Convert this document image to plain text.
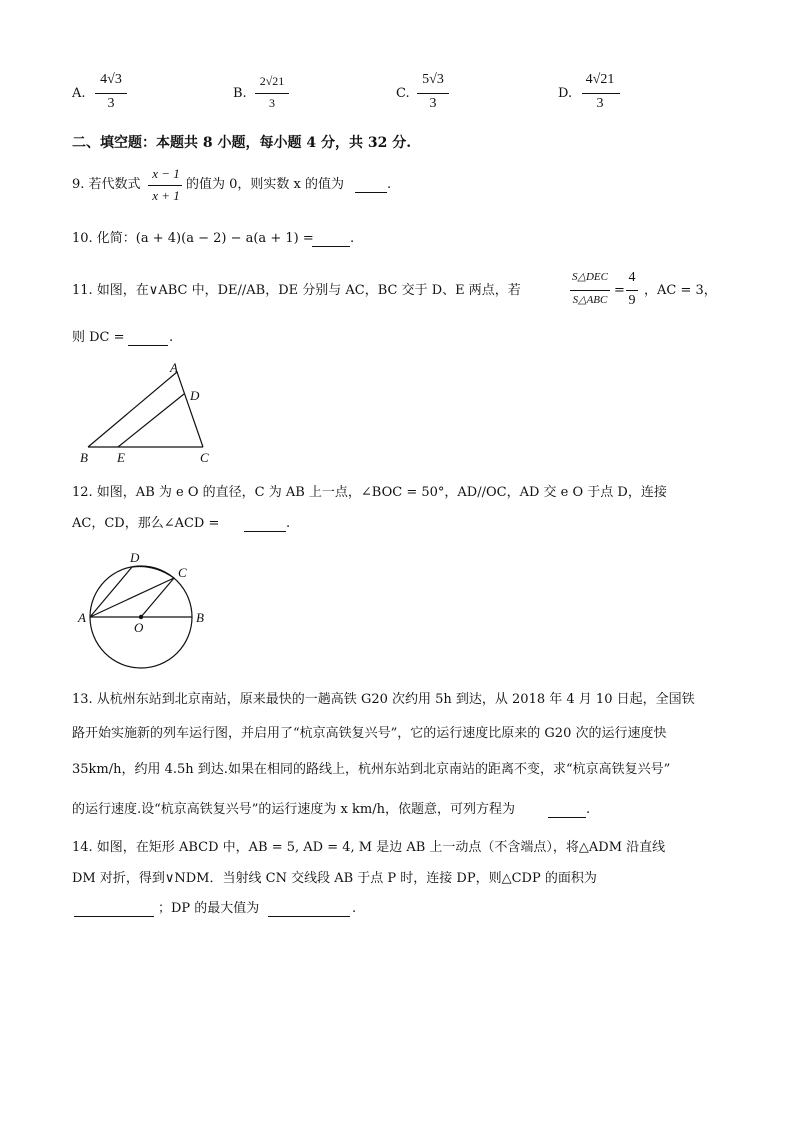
A.
4√3
3
B.
2√21
3
C.
5√3
3
D.
4√21
3
二、填空题：本题共 8 小题，每小题 4 分，共 32 分.
9. 若代数式
x − 1
x + 1
的值为 0，则实数 x 的值为	.
10. 化简：(a + 4)(a − 2) − a(a + 1) =	.
11. 如图，在∨ABC 中，DE//AB，DE 分别与 AC，BC 交于 D、E 两点，若
S△DEC
S△ABC
=
4
9
，AC = 3，
则 DC =	.
A
D
B E	C
12. 如图，AB 为 e O 的直径，C 为 AB 上一点，∠BOC = 50°，AD//OC，AD 交 e O 于点 D，连接
AC，CD，那么∠ACD =	.
A	B
C
D
O
13. 从杭州东站到北京南站，原来最快的一趟高铁 G20 次约用 5h 到达，从 2018 年 4 月 10 日起，全国铁
路开始实施新的列车运行图，并启用了“杭京高铁复兴号”，它的运行速度比原来的 G20 次的运行速度快
35km/h，约用 4.5h 到达.如果在相同的路线上，杭州东站到北京南站的距离不变，求“杭京高铁复兴号”
的运行速度.设“杭京高铁复兴号”的运行速度为 x km/h，依题意，可列方程为	.
14. 如图，在矩形 ABCD 中，AB = 5, AD = 4, M 是边 AB 上一动点（不含端点），将△ADM 沿直线
DM 对折，得到∨NDM．当射线 CN 交线段 AB 于点 P 时，连接 DP，则△CDP 的面积为
；DP 的最大值为	.
